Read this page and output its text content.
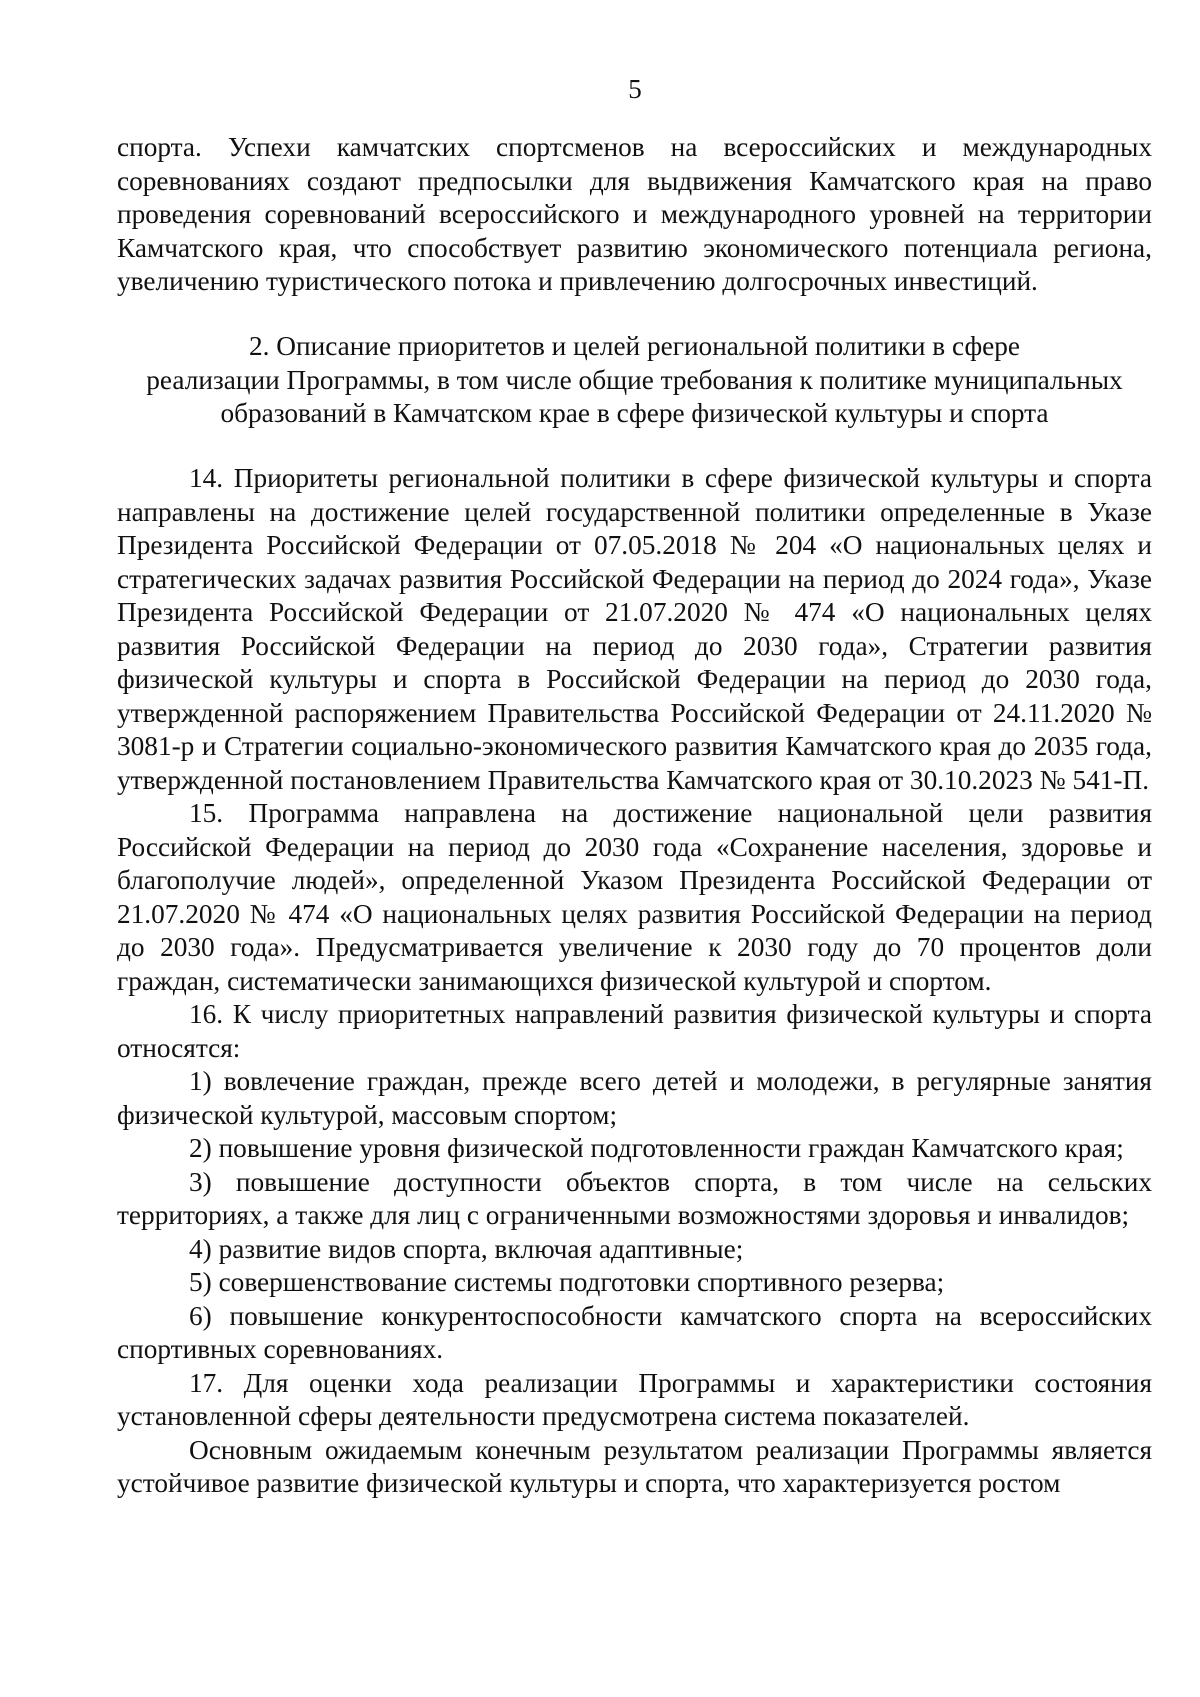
5

спорта. Успехи камчатских спортсменов на всероссийских и международных соревнованиях создают предпосылки для выдвижения Камчатского края на право проведения соревнований всероссийского и международного уровней на территории Камчатского края, что способствует развитию экономического потенциала региона, увеличению туристического потока и привлечению долгосрочных инвестиций.

2. Описание приоритетов и целей региональной политики в сфере

реализации Программы, в том числе общие требования к политике муниципальных

образований в Камчатском крае в сфере физической культуры и спорта

14. Приоритеты региональной политики в сфере физической культуры и спорта направлены на достижение целей государственной политики определенные в Указе Президента Российской Федерации от 07.05.2018 № 204 «О национальных целях и стратегических задачах развития Российской Федерации на период до 2024 года», Указе Президента Российской Федерации от 21.07.2020 № 474 «О национальных целях развития Российской Федерации на период до 2030 года», Стратегии развития физической культуры и спорта в Российской Федерации на период до 2030 года, утвержденной распоряжением Правительства Российской Федерации от 24.11.2020 № 3081-р и Стратегии социально-экономического развития Камчатского края до 2035 года, утвержденной постановлением Правительства Камчатского края от 30.10.2023 № 541-П.

15. Программа направлена на достижение национальной цели развития Российской Федерации на период до 2030 года «Сохранение населения, здоровье и благополучие людей», определенной Указом Президента Российской Федерации от 21.07.2020 № 474 «О национальных целях развития Российской Федерации на период до 2030 года». Предусматривается увеличение к 2030 году до 70 процентов доли граждан, систематически занимающихся физической культурой и спортом.

16. К числу приоритетных направлений развития физической культуры и спорта относятся:

1) вовлечение граждан, прежде всего детей и молодежи, в регулярные занятия физической культурой, массовым спортом;

2) повышение уровня физической подготовленности граждан Камчатского края;

3) повышение доступности объектов спорта, в том числе на сельских территориях, а также для лиц с ограниченными возможностями здоровья и инвалидов;

4) развитие видов спорта, включая адаптивные;

5) совершенствование системы подготовки спортивного резерва;

6) повышение конкурентоспособности камчатского спорта на всероссийских спортивных соревнованиях.

17. Для оценки хода реализации Программы и характеристики состояния установленной сферы деятельности предусмотрена система показателей.

Основным ожидаемым конечным результатом реализации Программы является устойчивое развитие физической культуры и спорта, что характеризуется ростом
